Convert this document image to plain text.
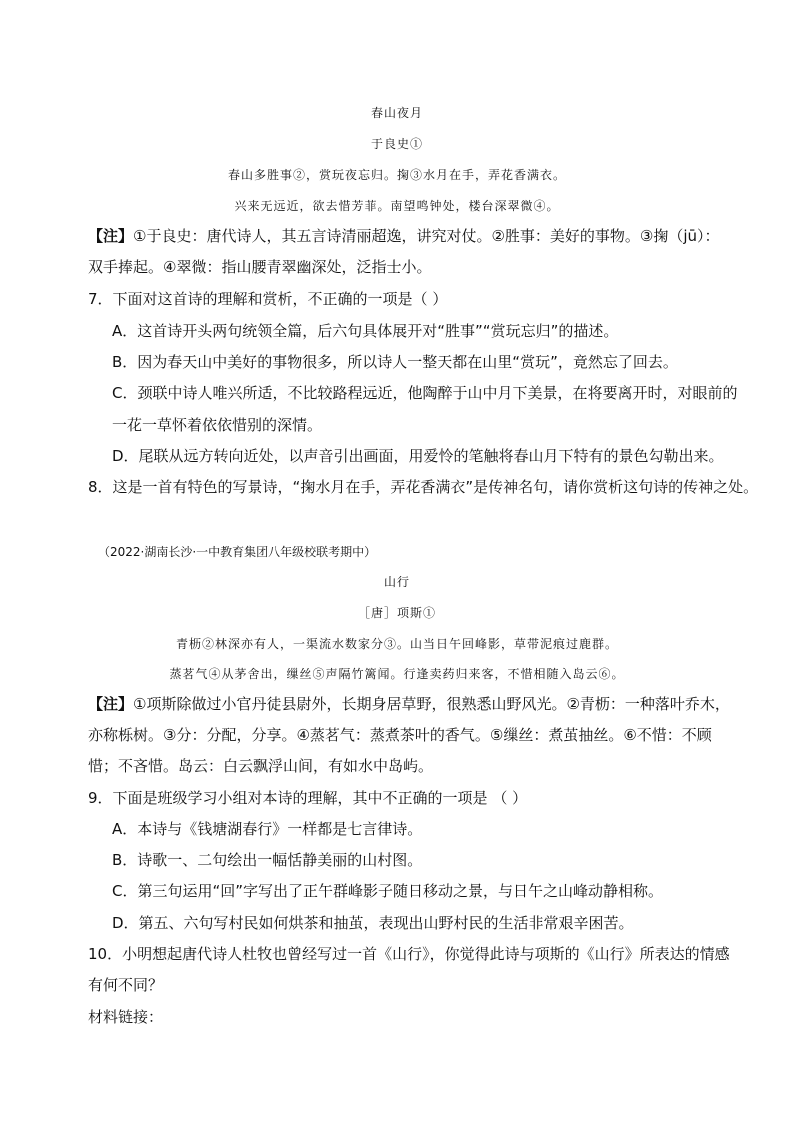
春山夜月
于良史①
春山多胜事②，赏玩夜忘归。掬③水月在手，弄花香满衣。
兴来无远近，欲去惜芳菲。南望鸣钟处，楼台深翠微④。
【注】①于良史：唐代诗人，其五言诗清丽超逸，讲究对仗。②胜事：美好的事物。③掬（jū）：
双手捧起。④翠微：指山腰青翠幽深处，泛指士小。
7．下面对这首诗的理解和赏析，不正确的一项是（ ）
A．这首诗开头两句统领全篇，后六句具体展开对“胜事”“赏玩忘归”的描述。
B．因为春天山中美好的事物很多，所以诗人一整天都在山里“赏玩”，竟然忘了回去。
C．颈联中诗人唯兴所适，不比较路程远近，他陶醉于山中月下美景，在将要离开时，对眼前的
一花一草怀着依依惜别的深情。
D．尾联从远方转向近处，以声音引出画面，用爱怜的笔触将春山月下特有的景色勾勒出来。
8．这是一首有特色的写景诗，“掬水月在手，弄花香满衣”是传神名句，请你赏析这句诗的传神之处。
（2022·湖南长沙·一中教育集团八年级校联考期中）
山行
［唐］项斯①
青枥②林深亦有人，一渠流水数家分③。山当日午回峰影，草带泥痕过鹿群。
蒸茗气④从茅舍出，缫丝⑤声隔竹篱闻。行逢卖药归来客，不惜相随入岛云⑥。
【注】①项斯除做过小官丹徒县尉外，长期身居草野，很熟悉山野风光。②青枥：一种落叶乔木，
亦称栎树。③分：分配，分享。④蒸茗气：蒸煮茶叶的香气。⑤缫丝：煮茧抽丝。⑥不惜：不顾
惜；不吝惜。岛云：白云飘浮山间，有如水中岛屿。
9．下面是班级学习小组对本诗的理解，其中不正确的一项是 （ ）
A．本诗与《钱塘湖春行》一样都是七言律诗。
B．诗歌一、二句绘出一幅恬静美丽的山村图。
C．第三句运用“回”字写出了正午群峰影子随日移动之景，与日午之山峰动静相称。
D．第五、六句写村民如何烘茶和抽茧，表现出山野村民的生活非常艰辛困苦。
10．小明想起唐代诗人杜牧也曾经写过一首《山行》，你觉得此诗与项斯的《山行》所表达的情感
有何不同？
材料链接：
